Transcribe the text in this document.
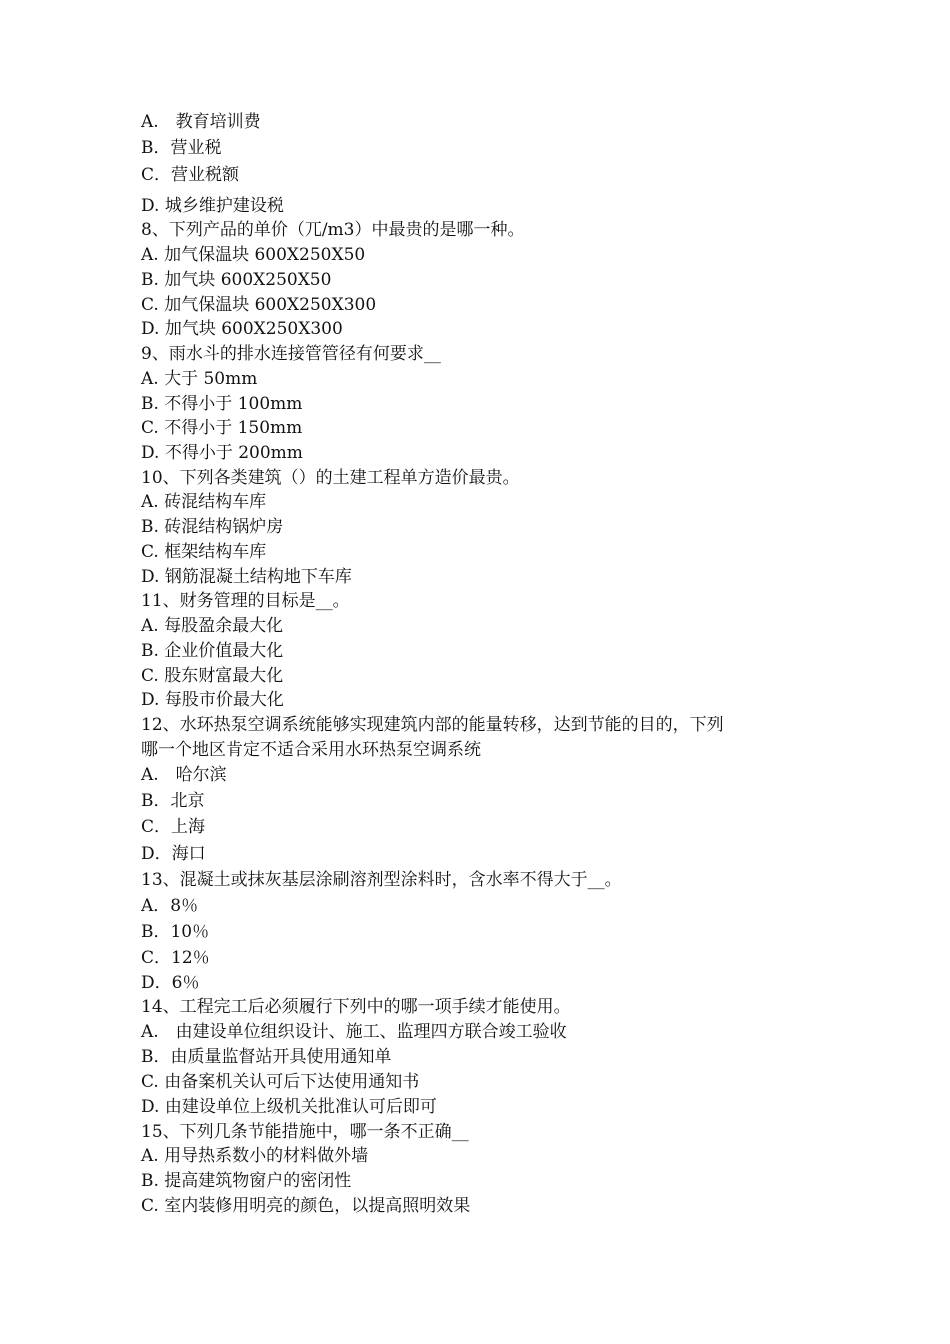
A.　教育培训费
B．营业税
C．营业税额
D. 城乡维护建设税
8、下列产品的单价（兀/m3）中最贵的是哪一种。
A. 加气保温块 600X250X50
B. 加气块 600X250X50
C. 加气保温块 600X250X300
D. 加气块 600X250X300
9、雨水斗的排水连接管管径有何要求__
A. 大于 50mm
B. 不得小于 100mm
C. 不得小于 150mm
D. 不得小于 200mm
10、下列各类建筑（）的土建工程单方造价最贵。
A. 砖混结构车库
B. 砖混结构锅炉房
C. 框架结构车库
D. 钢筋混凝土结构地下车库
11、财务管理的目标是__。
A. 每股盈余最大化
B. 企业价值最大化
C. 股东财富最大化
D. 每股市价最大化
12、水环热泵空调系统能够实现建筑内部的能量转移，达到节能的目的，下列
哪一个地区肯定不适合采用水环热泵空调系统
A.　哈尔滨
B．北京
C．上海
D．海口
13、混凝土或抹灰基层涂刷溶剂型涂料时，含水率不得大于__。
A．8％
B．10％
C．12％
D．6％
14、工程完工后必须履行下列中的哪一项手续才能使用。
A.　由建设单位组织设计、施工、监理四方联合竣工验收
B．由质量监督站开具使用通知单
C. 由备案机关认可后下达使用通知书
D. 由建设单位上级机关批准认可后即可
15、下列几条节能措施中，哪一条不正确__
A. 用导热系数小的材料做外墙
B. 提高建筑物窗户的密闭性
C. 室内装修用明亮的颜色，以提高照明效果
